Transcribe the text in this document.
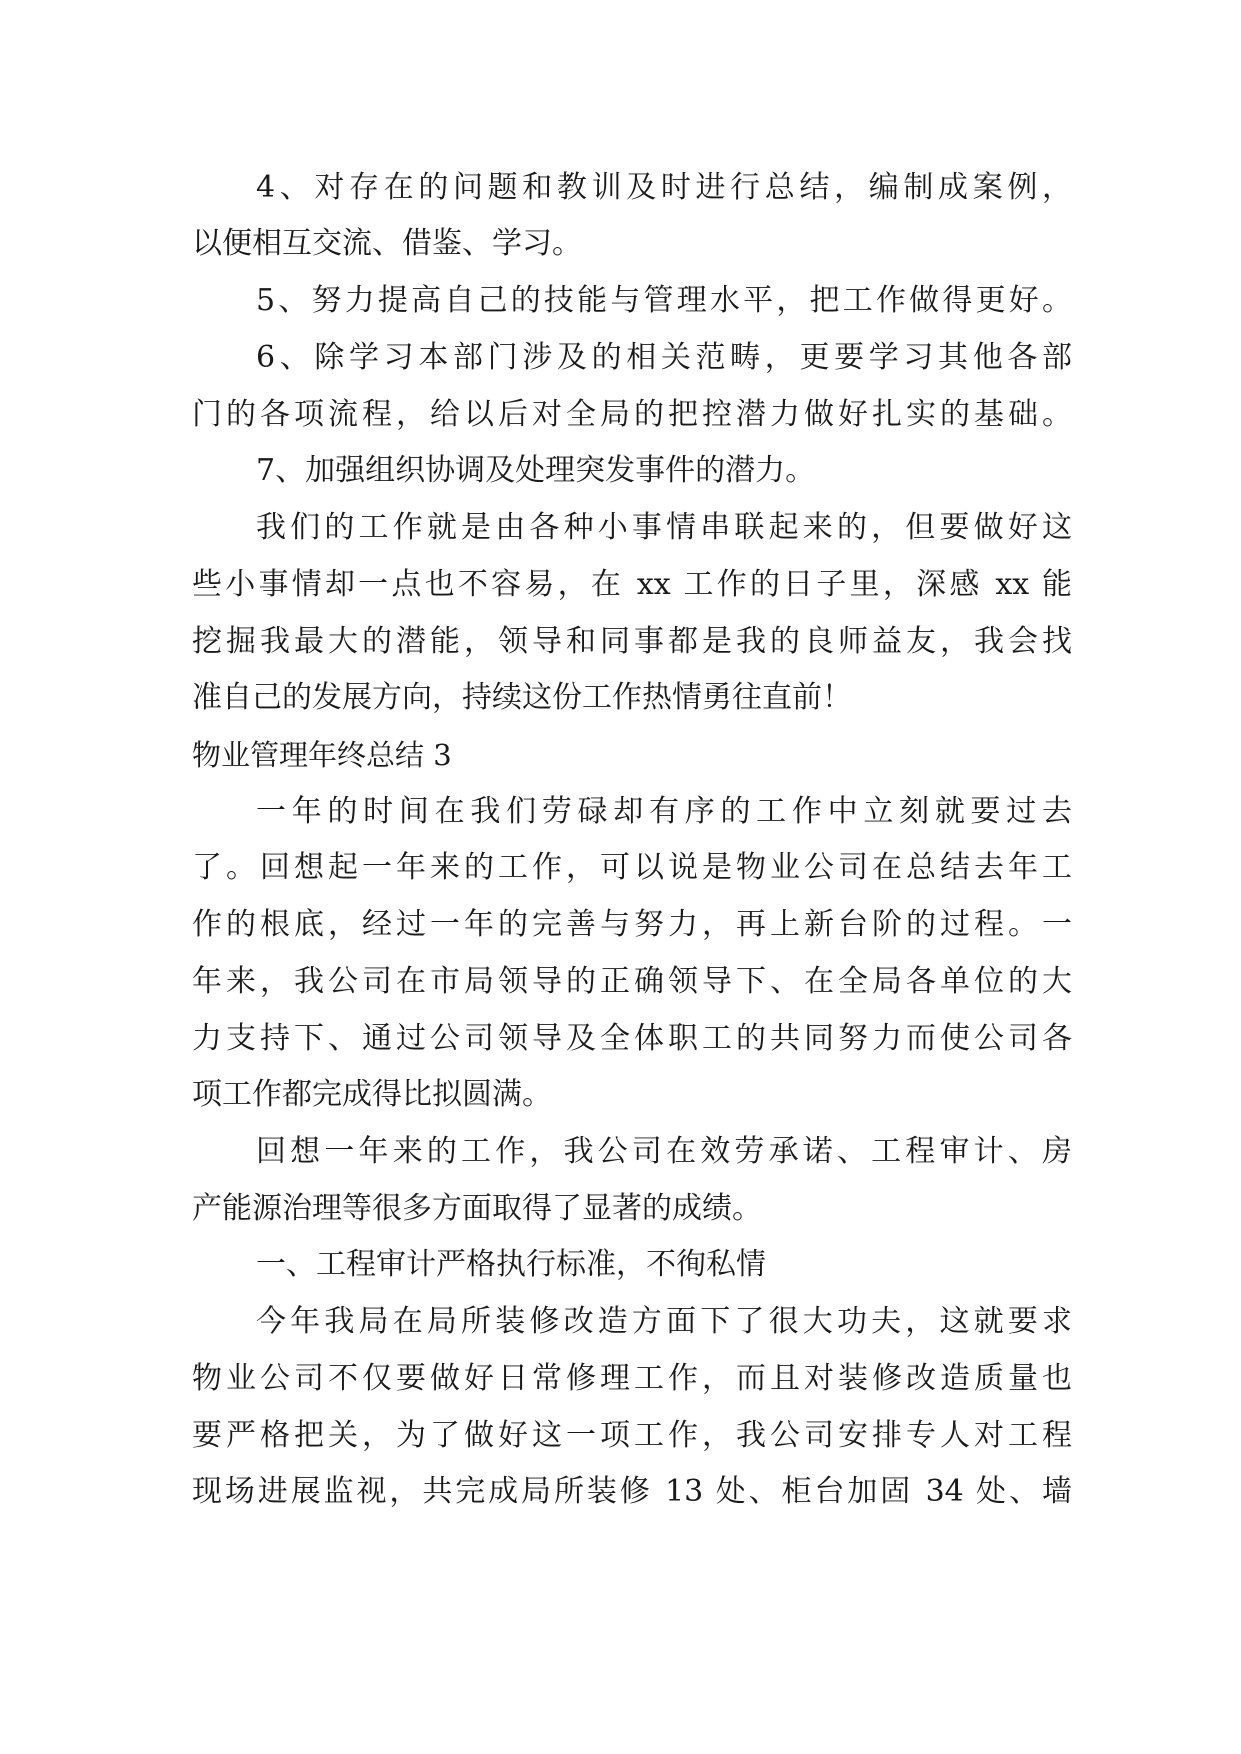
4、对存在的问题和教训及时进行总结，编制成案例，
以便相互交流、借鉴、学习。
5、努力提高自己的技能与管理水平，把工作做得更好。
6、除学习本部门涉及的相关范畴，更要学习其他各部
门的各项流程，给以后对全局的把控潜力做好扎实的基础。
7、加强组织协调及处理突发事件的潜力。
我们的工作就是由各种小事情串联起来的，但要做好这
些小事情却一点也不容易，在 xx 工作的日子里，深感 xx 能
挖掘我最大的潜能，领导和同事都是我的良师益友，我会找
准自己的发展方向，持续这份工作热情勇往直前！
物业管理年终总结 3
一年的时间在我们劳碌却有序的工作中立刻就要过去
了。回想起一年来的工作，可以说是物业公司在总结去年工
作的根底，经过一年的完善与努力，再上新台阶的过程。一
年来，我公司在市局领导的正确领导下、在全局各单位的大
力支持下、通过公司领导及全体职工的共同努力而使公司各
项工作都完成得比拟圆满。
回想一年来的工作，我公司在效劳承诺、工程审计、房
产能源治理等很多方面取得了显著的成绩。
一、工程审计严格执行标准，不徇私情
今年我局在局所装修改造方面下了很大功夫，这就要求
物业公司不仅要做好日常修理工作，而且对装修改造质量也
要严格把关，为了做好这一项工作，我公司安排专人对工程
现场进展监视，共完成局所装修 13 处、柜台加固 34 处、墙
